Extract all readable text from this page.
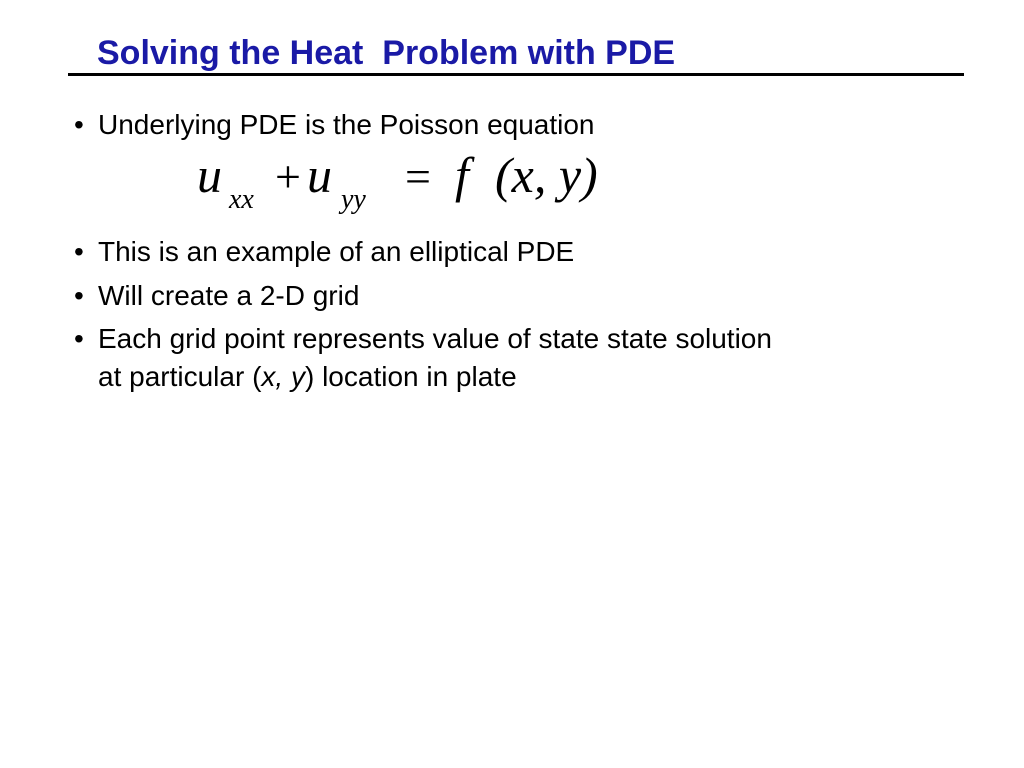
Solving the Heat  Problem with PDE
• Underlying PDE is the Poisson equation
u xx + u yy = f (x, y)
• This is an example of an elliptical PDE
• Will create a 2-D grid
• Each grid point represents value of state state solution
at particular (x, y) location in plate
